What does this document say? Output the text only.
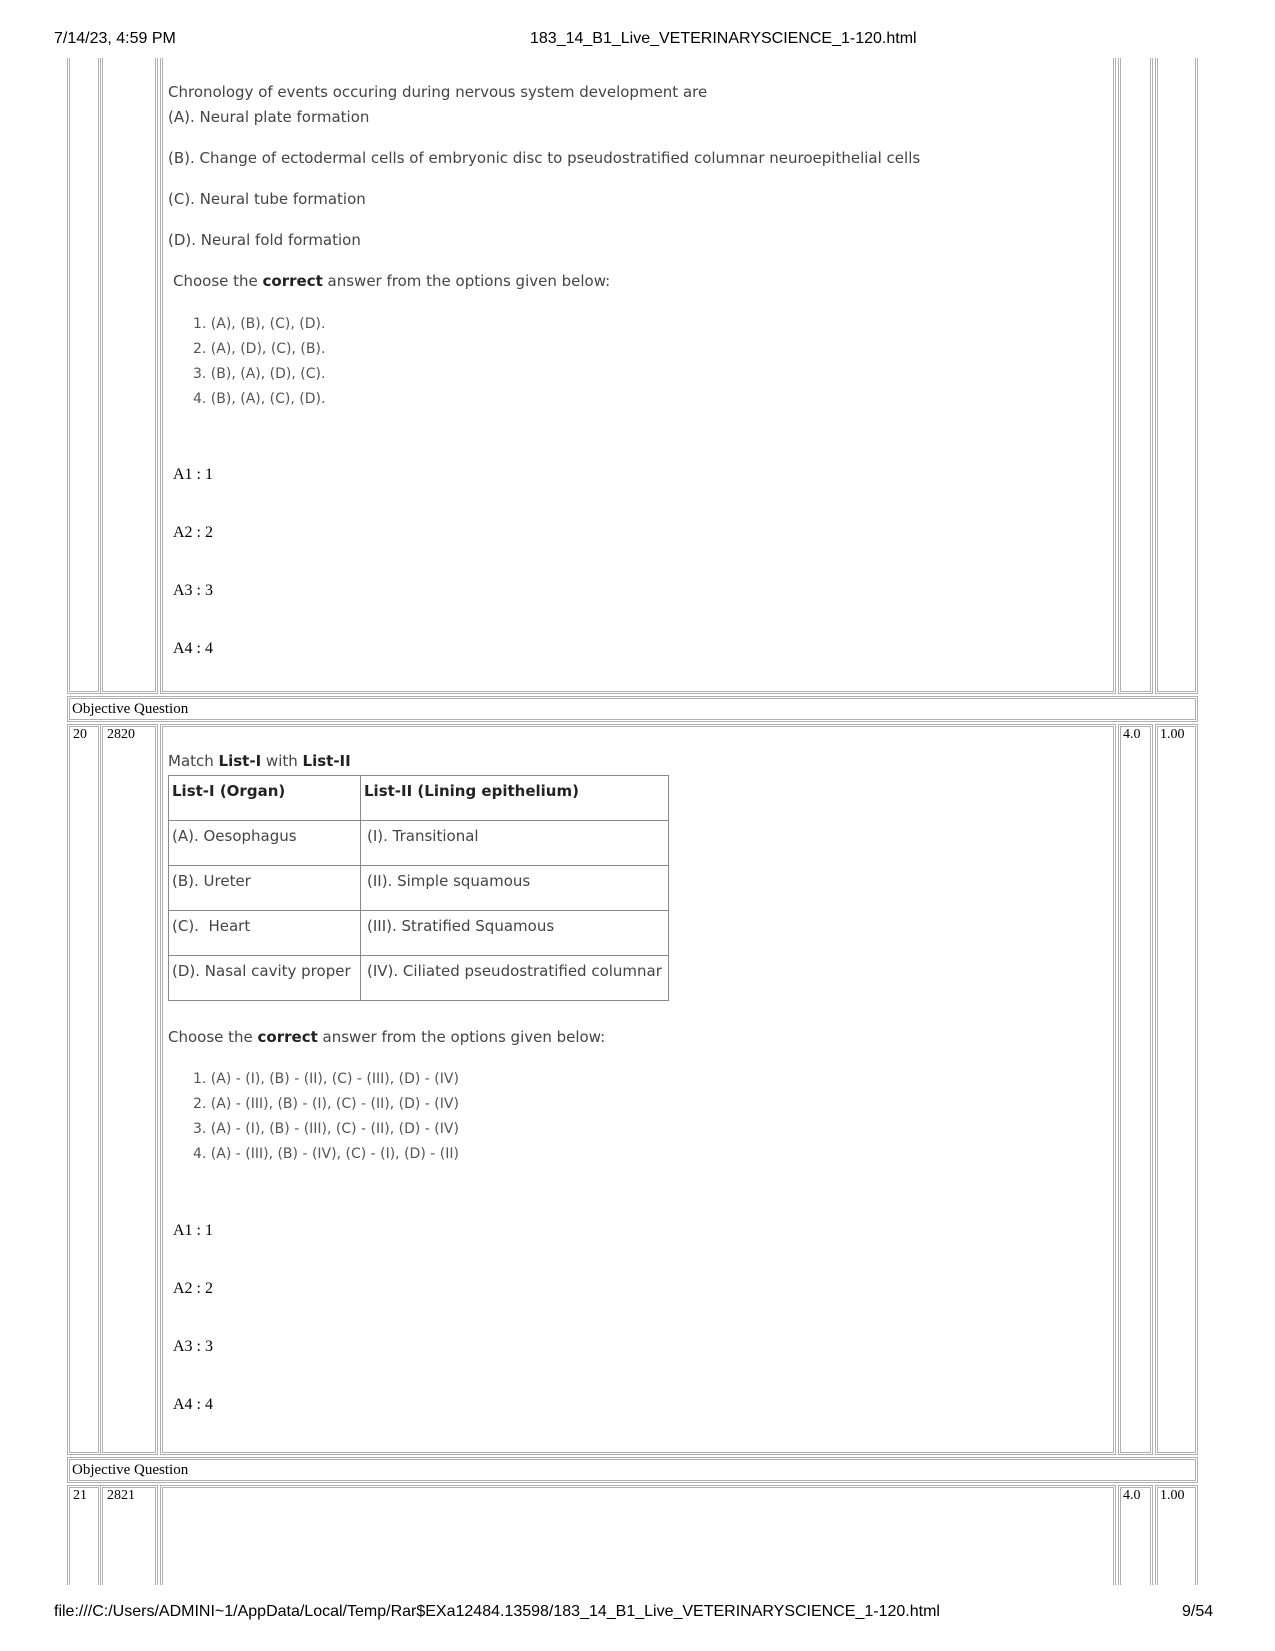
7/14/23, 4:59 PM	183_14_B1_Live_VETERINARYSCIENCE_1-120.html

Chronology of events occuring during nervous system development are

(A). Neural plate formation

(B). Change of ectodermal cells of embryonic disc to pseudostratified columnar neuroepithelial cells

(C). Neural tube formation

(D). Neural fold formation

Choose the correct answer from the options given below:

1. (A), (B), (C), (D).
2. (A), (D), (C), (B).
3. (B), (A), (D), (C).
4. (B), (A), (C), (D).
A1 : 1
A2 : 2
A3 : 3
A4 : 4
Objective Question
20 2820	4.0 1.00
Match List-I with List-II
List-I (Organ)	List-II (Lining epithelium)
(A). Oesophagus	(I). Transitional
(B). Ureter	(II). Simple squamous
(C).  Heart	(III). Stratified Squamous
(D). Nasal cavity proper	(IV). Ciliated pseudostratified columnar
Choose the correct answer from the options given below:
1. (A) - (I), (B) - (II), (C) - (III), (D) - (IV)
2. (A) - (III), (B) - (I), (C) - (II), (D) - (IV)
3. (A) - (I), (B) - (III), (C) - (II), (D) - (IV)
4. (A) - (III), (B) - (IV), (C) - (I), (D) - (II)
A1 : 1
A2 : 2
A3 : 3
A4 : 4
Objective Question
21 2821	4.0 1.00
file:///C:/Users/ADMINI~1/AppData/Local/Temp/Rar$EXa12484.13598/183_14_B1_Live_VETERINARYSCIENCE_1-120.html	9/54
